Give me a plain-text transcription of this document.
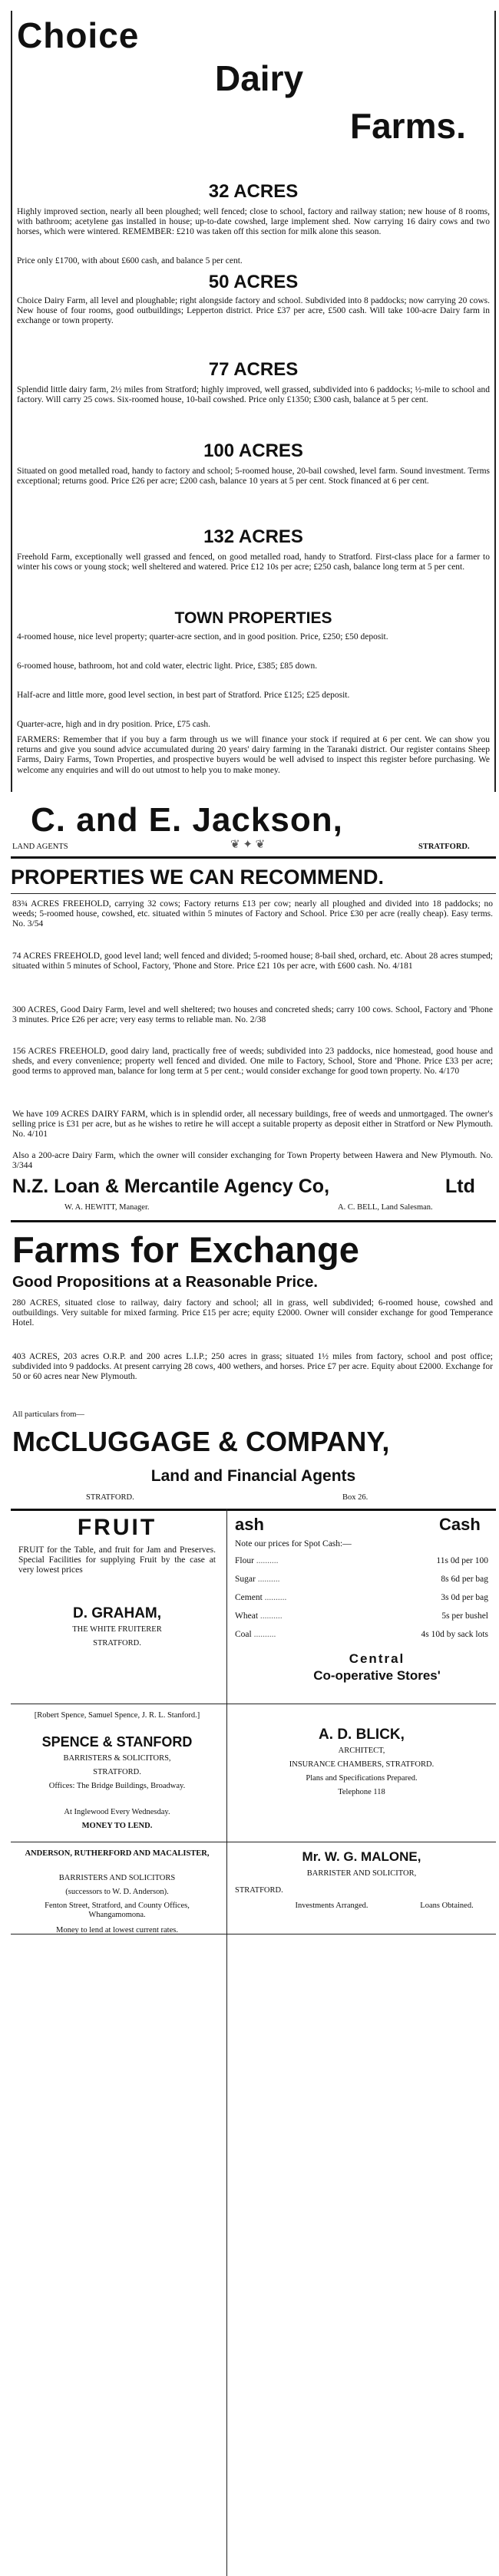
Choice
Dairy
Farms.
32 ACRES
Highly improved section, nearly all been ploughed; well fenced; close to school, factory and railway station; new house of 8 rooms, with bathroom; acetylene gas installed in house; up-to-date cowshed, large implement shed. Now carrying 16 dairy cows and two horses, which were wintered. REMEMBER: £210 was taken off this section for milk alone this season.
Price only £1700, with about £600 cash, and balance 5 per cent.
50 ACRES
Choice Dairy Farm, all level and ploughable; right alongside factory and school. Subdivided into 8 paddocks; now carrying 20 cows. New house of four rooms, good outbuildings; Lepperton district. Price £37 per acre, £500 cash. Will take 100-acre Dairy farm in exchange or town property.
77 ACRES
Splendid little dairy farm, 2½ miles from Stratford; highly improved, well grassed, subdivided into 6 paddocks; ½-mile to school and factory. Will carry 25 cows. Six-roomed house, 10-bail cowshed. Price only £1350; £300 cash, balance at 5 per cent.
100 ACRES
Situated on good metalled road, handy to factory and school; 5-roomed house, 20-bail cowshed, level farm. Sound investment. Terms exceptional; returns good. Price £26 per acre; £200 cash, balance 10 years at 5 per cent. Stock financed at 6 per cent.
132 ACRES
Freehold Farm, exceptionally well grassed and fenced, on good metalled road, handy to Stratford. First-class place for a farmer to winter his cows or young stock; well sheltered and watered. Price £12 10s per acre; £250 cash, balance long term at 5 per cent.
TOWN PROPERTIES
4-roomed house, nice level property; quarter-acre section, and in good position. Price, £250; £50 deposit.
6-roomed house, bathroom, hot and cold water, electric light. Price, £385; £85 down.
Half-acre and little more, good level section, in best part of Stratford. Price £125; £25 deposit.
Quarter-acre, high and in dry position. Price, £75 cash.
FARMERS: Remember that if you buy a farm through us we will finance your stock if required at 6 per cent. We can show you returns and give you sound advice accumulated during 20 years' dairy farming in the Taranaki district. Our register contains Sheep Farms, Dairy Farms, Town Properties, and prospective buyers would be well advised to inspect this register before purchasing. We welcome any enquiries and will do out utmost to help you to make money.
C. and E. Jackson,
LAND AGENTS	STRATFORD.
❦ ✦ ❦
PROPERTIES WE CAN RECOMMEND.
83¾ ACRES FREEHOLD, carrying 32 cows; Factory returns £13 per cow; nearly all ploughed and divided into 18 paddocks; no weeds; 5-roomed house, cowshed, etc. situated within 5 minutes of Factory and School. Price £30 per acre (really cheap). Easy terms. No. 3/54
74 ACRES FREEHOLD, good level land; well fenced and divided; 5-roomed house; 8-bail shed, orchard, etc. About 28 acres stumped; situated within 5 minutes of School, Factory, 'Phone and Store. Price £21 10s per acre, with £600 cash. No. 4/181
300 ACRES, Good Dairy Farm, level and well sheltered; two houses and concreted sheds; carry 100 cows. School, Factory and 'Phone 3 minutes. Price £26 per acre; very easy terms to reliable man. No. 2/38
156 ACRES FREEHOLD, good dairy land, practically free of weeds; subdivided into 23 paddocks, nice homestead, good house and sheds, and every convenience; property well fenced and divided. One mile to Factory, School, Store and 'Phone. Price £33 per acre; good terms to approved man, balance for long term at 5 per cent.; would consider exchange for good town property. No. 4/170
We have 109 ACRES DAIRY FARM, which is in splendid order, all necessary buildings, free of weeds and unmortgaged. The owner's selling price is £31 per acre, but as he wishes to retire he will accept a suitable property as deposit either in Stratford or New Plymouth. No. 4/101
Also a 200-acre Dairy Farm, which the owner will consider exchanging for Town Property between Hawera and New Plymouth. No. 3/344
N.Z. Loan & Mercantile Agency Co,	Ltd
W. A. HEWITT, Manager.	A. C. BELL, Land Salesman.
Farms for Exchange
Good Propositions at a Reasonable Price.
280 ACRES, situated close to railway, dairy factory and school; all in grass, well subdivided; 6-roomed house, cowshed and outbuildings. Very suitable for mixed farming. Price £15 per acre; equity £2000. Owner will consider exchange for good Temperance Hotel.
403 ACRES, 203 acres O.R.P. and 200 acres L.I.P.; 250 acres in grass; situated 1½ miles from factory, school and post office; subdivided into 9 paddocks. At present carrying 28 cows, 400 wethers, and horses. Price £7 per acre. Equity about £2000. Exchange for 50 or 60 acres near New Plymouth.
All particulars from—
McCLUGGAGE & COMPANY,
Land and Financial Agents
STRATFORD.	Box 26.
FRUIT
FRUIT for the Table, and fruit for Jam and Preserves. Special Facilities for supplying Fruit by the case at very lowest prices
D. GRAHAM,
THE WHITE FRUITERER
STRATFORD.
ash	Cash
Note our prices for Spot Cash:—
Flour ..........	11s 0d per 100
Sugar ..........	8s 6d per bag
Cement ..........	3s 0d per bag
Wheat ..........	5s per bushel
Coal ..........	4s 10d by sack lots
Central
Co-operative Stores'
[Robert Spence, Samuel Spence, J. R. L. Stanford.]
SPENCE & STANFORD
BARRISTERS & SOLICITORS,
STRATFORD.
Offices: The Bridge Buildings, Broadway.
At Inglewood Every Wednesday.
MONEY TO LEND.
A. D. BLICK,
ARCHITECT,
INSURANCE CHAMBERS, STRATFORD.
Plans and Specifications Prepared.
Telephone 118
ANDERSON, RUTHERFORD AND MACALISTER,
BARRISTERS AND SOLICITORS
(successors to W. D. Anderson).
Fenton Street, Stratford, and County Offices, Whangamomona.
Money to lend at lowest current rates.
Mr. W. G. MALONE,
BARRISTER AND SOLICITOR,
STRATFORD.
Investments Arranged.	Loans Obtained.
